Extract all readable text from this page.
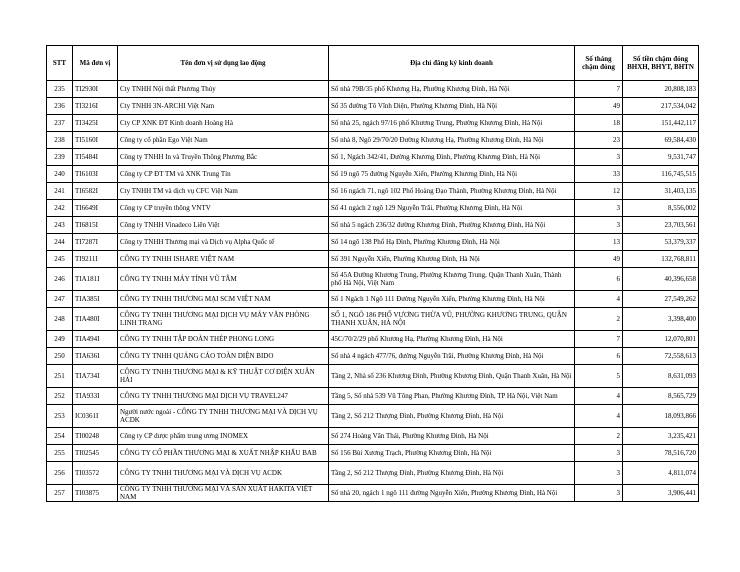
STT	Mã đơn vị	Tên đơn vị sử dụng lao động	Địa chỉ đăng ký kinh doanh	Số tháng chậm đóng	Số tiền chậm đóng BHXH, BHYT, BHTN
235	TI2930I	Cty TNHH Nội thất Phương Thủy	Số nhà 79B/35 phố Khương Hạ, Phường Khương Đình, Hà Nội	7	20,808,183
236	TI3216I	Cty TNHH 3N-ARCHI Việt Nam	Số 35 đường Tô Vĩnh Diện, Phường Khương Đình, Hà Nội	49	217,534,042
237	TI3425I	Cty CP XNK ĐT Kinh doanh Hoàng Hà	Số nhà 25, ngách 97/16 phố Khương Trung, Phường Khương Đình, Hà Nội	18	151,442,117
238	TI5160I	Công ty cổ phần Ego Việt Nam	Số nhà 8, Ngõ 29/70/20 Đường Khương Hạ, Phường Khương Đình, Hà Nội	23	69,584,430
239	TI5484I	Công ty TNHH In và Truyền Thông Phương Bắc	Số 1, Ngách 342/41, Đường Khương Đình, Phường Khương Đình, Hà Nội	3	9,531,747
240	TI6103I	Công ty CP ĐT TM và XNK Trung Tín	Số 19 ngõ 75 đường Nguyễn Xiển, Phường Khương Đình, Hà Nội	33	116,745,515
241	TI6582I	Cty TNHH TM và dịch vụ CFC Việt Nam	Số 16 ngách 71, ngõ 102 Phố Hoàng Đạo Thành, Phường Khương Đình, Hà Nội	12	31,403,135
242	TI6649I	Công ty CP truyền thông VNTV	Số 41 ngách 2 ngõ 129 Nguyễn Trãi, Phường Khương Đình, Hà Nội	3	8,556,002
243	TI6815I	Công ty TNHH Vinadeco Liên Việt	Số nhà 5 ngách 236/32 đường Khương Đình, Phường Khương Đình, Hà Nội	3	23,703,561
244	TI7287I	Công ty TNHH Thương mại và Dịch vụ Alpha Quốc tế	Số 14 ngõ 138 Phố Hạ Đình, Phường Khương Đình, Hà Nội	13	53,379,337
245	TI9211I	CÔNG TY TNHH ISHARE VIỆT NAM	Số 391 Nguyễn Xiển, Phường Khương Đình, Hà Nội	49	132,768,811
246	TIA181I	CÔNG TY TNHH MÁY TÍNH VŨ TÂM	Số 45A Đường Khương Trung, Phường Khương Trung, Quận Thanh Xuân, Thành phố Hà Nội, Việt Nam	6	40,396,658
247	TIA385I	CÔNG TY TNHH THƯƠNG MẠI SCM VIỆT NAM	Số 1 Ngách 1 Ngõ 111 Đường Nguyễn Xiển, Phường Khương Đình, Hà Nội	4	27,549,262
248	TIA480I	CÔNG TY TNHH THƯƠNG MẠI DỊCH VỤ MÁY VĂN PHÒNG LINH TRANG	SỐ 1, NGÕ 186 PHỐ VƯƠNG THỪA VŨ, PHƯỜNG KHƯƠNG TRUNG, QUẬN THANH XUÂN, HÀ NỘI	2	3,398,400
249	TIA494I	CÔNG TY TNHH TẬP ĐOÀN THÉP PHONG LONG	45C/70/2/29 phố Khương Hạ, Phường Khương Đình, Hà Nội	7	12,070,801
250	TIA636I	CÔNG TY TNHH QUẢNG CÁO TOÀN DIỆN BIDO	Số nhà 4 ngách 477/76, đường Nguyễn Trãi, Phường Khương Đình, Hà Nội	6	72,558,613
251	TIA734I	CÔNG TY TNHH THƯƠNG MẠI & KỸ THUẬT CƠ ĐIỆN XUÂN HẢI	Tầng 2, Nhà số 236 Khương Đình, Phường Khương Đình, Quận Thanh Xuân, Hà Nội	5	8,631,093
252	TIA933I	CÔNG TY TNHH THƯƠNG MẠI DỊCH VỤ TRAVEL247	Tầng 5, Số nhà 539 Vũ Tông Phan, Phường Khương Đình, TP Hà Nội, Việt Nam	4	8,565,729
253	IC0361I	Người nước ngoài - CÔNG TY TNHH THƯƠNG MẠI VÀ DỊCH VỤ ACDK	Tầng 2, Số 212 Thượng Đình, Phường Khương Đình, Hà Nội	4	18,093,866
254	TI00248	Công ty CP dược phẩm trung ương INOMEX	Số 274 Hoàng Văn Thái, Phường Khương Đình, Hà Nội	2	3,235,421
255	TI02545	CÔNG TY CỔ PHẦN THƯƠNG MẠI & XUẤT NHẬP KHẨU BAB	Số 156 Bùi Xương Trạch, Phường Khương Đình, Hà Nội	3	78,516,720
256	TI03572	CÔNG TY TNHH THƯƠNG MẠI VÀ DỊCH VỤ ACDK	Tầng 2, Số 212 Thượng Đình, Phường Khương Đình, Hà Nội	3	4,811,074
257	TI03875	CÔNG TY TNHH THƯƠNG MẠI VÀ SẢN XUẤT HAKITA VIỆT NAM	Số nhà 20, ngách 1 ngõ 111 đường Nguyễn Xiển, Phường Khương Đình, Hà Nội	3	3,906,441
